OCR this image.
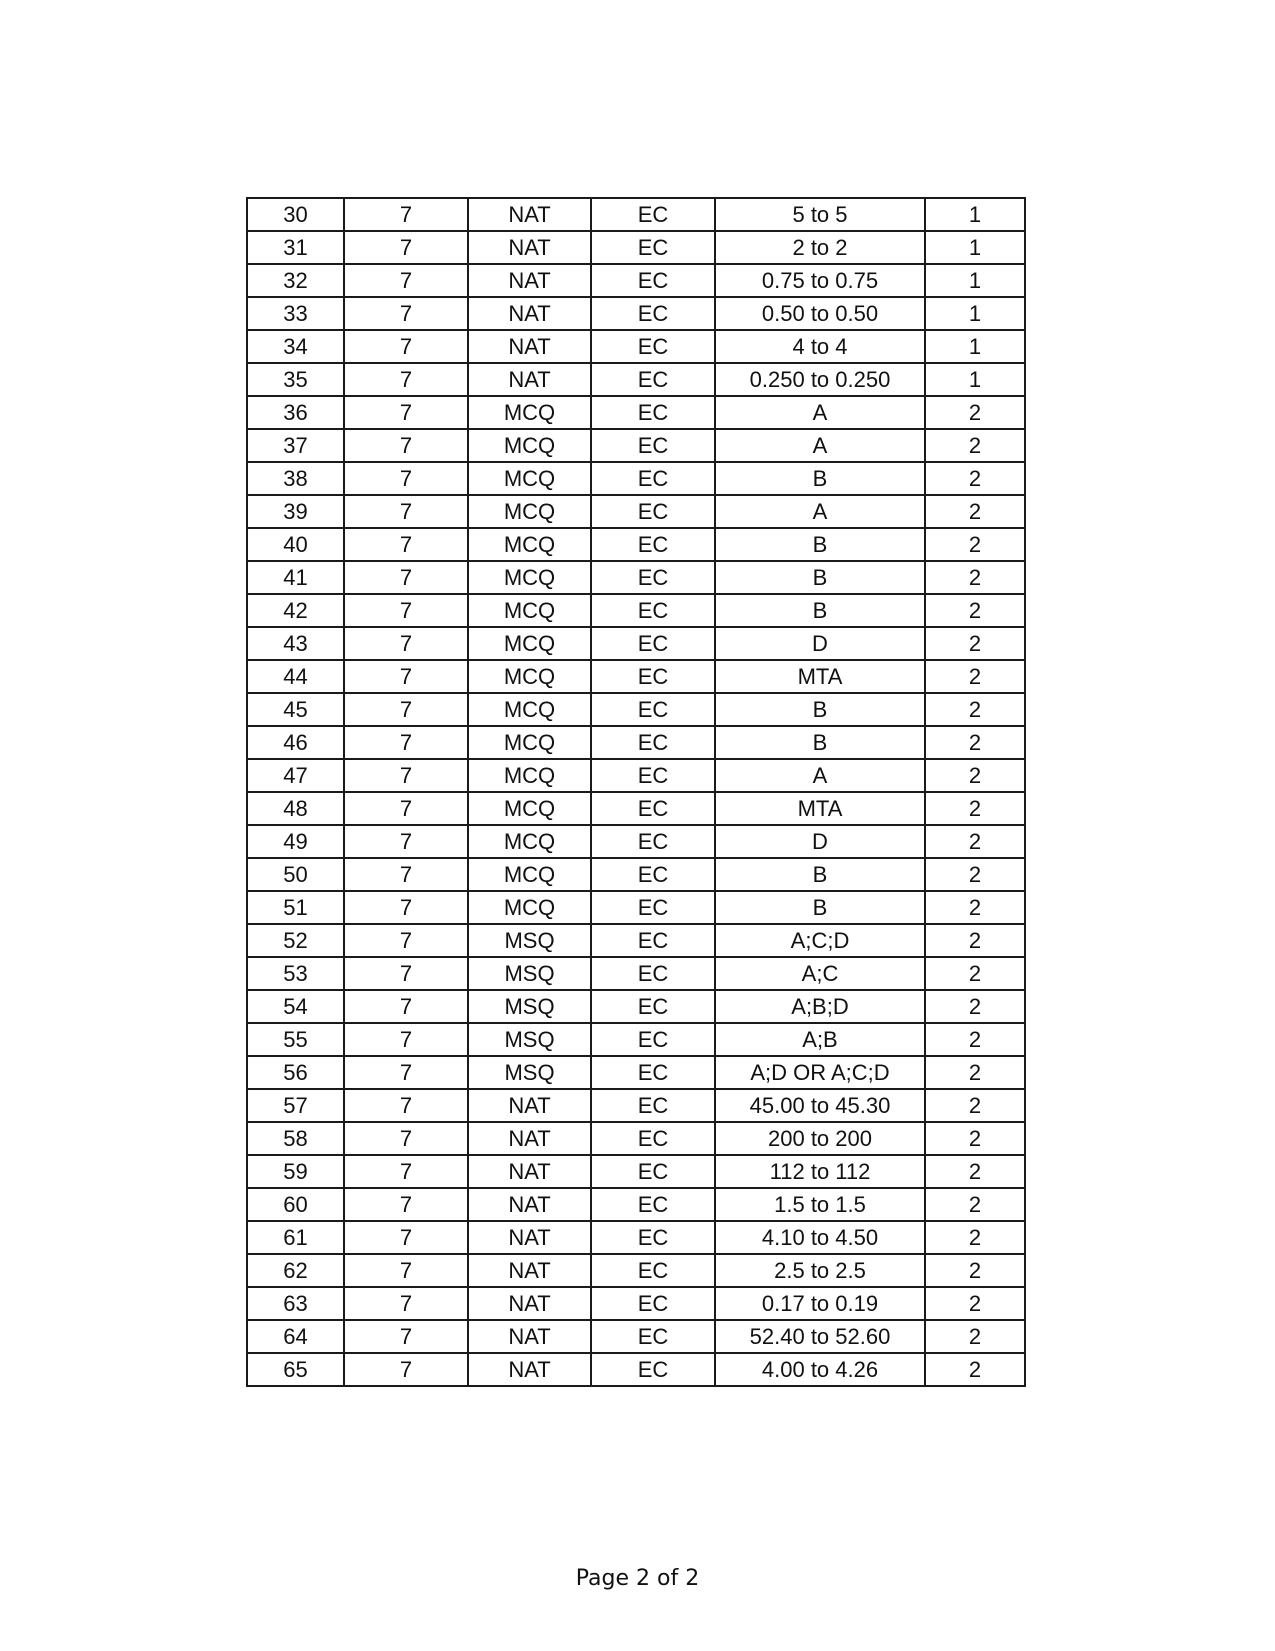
30	7	NAT	EC	5 to 5	1
31	7	NAT	EC	2 to 2	1
32	7	NAT	EC	0.75 to 0.75	1
33	7	NAT	EC	0.50 to 0.50	1
34	7	NAT	EC	4 to 4	1
35	7	NAT	EC	0.250 to 0.250	1
36	7	MCQ	EC	A	2
37	7	MCQ	EC	A	2
38	7	MCQ	EC	B	2
39	7	MCQ	EC	A	2
40	7	MCQ	EC	B	2
41	7	MCQ	EC	B	2
42	7	MCQ	EC	B	2
43	7	MCQ	EC	D	2
44	7	MCQ	EC	MTA	2
45	7	MCQ	EC	B	2
46	7	MCQ	EC	B	2
47	7	MCQ	EC	A	2
48	7	MCQ	EC	MTA	2
49	7	MCQ	EC	D	2
50	7	MCQ	EC	B	2
51	7	MCQ	EC	B	2
52	7	MSQ	EC	A;C;D	2
53	7	MSQ	EC	A;C	2
54	7	MSQ	EC	A;B;D	2
55	7	MSQ	EC	A;B	2
56	7	MSQ	EC	A;D OR A;C;D	2
57	7	NAT	EC	45.00 to 45.30	2
58	7	NAT	EC	200 to 200	2
59	7	NAT	EC	112 to 112	2
60	7	NAT	EC	1.5 to 1.5	2
61	7	NAT	EC	4.10 to 4.50	2
62	7	NAT	EC	2.5 to 2.5	2
63	7	NAT	EC	0.17 to 0.19	2
64	7	NAT	EC	52.40 to 52.60	2
65	7	NAT	EC	4.00 to 4.26	2
Page 2 of 2
